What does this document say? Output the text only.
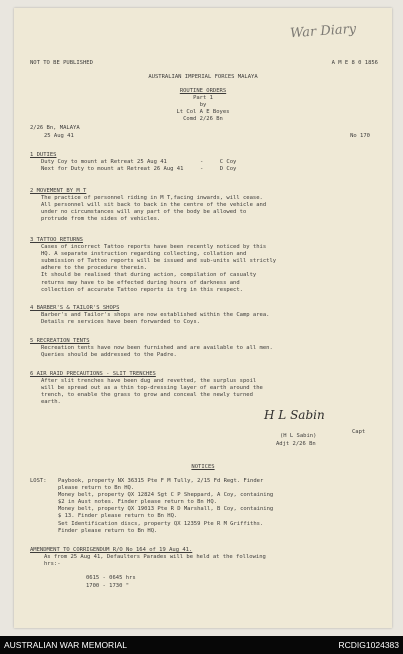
War Diary
NOT TO BE PUBLISHED	A M E 8 0 1856
AUSTRALIAN IMPERIAL FORCES MALAYA
ROUTINE ORDERS
Part 1
by
Lt Col A E Boyes
Comd 2/26 Bn
2/26 Bn, MALAYA
25 Aug 41	No 170
1 DUTIES
Duty Coy to mount at Retreat 25 Aug 41          -     C Coy
Next for Duty to mount at Retreat 26 Aug 41     -     D Coy
2 MOVEMENT BY M T
The practice of personnel riding in M T,facing inwards, will cease.
All personnel will sit back to back in the centre of the vehicle and
under no circumstances will any part of the body be allowed to
protrude from the sides of vehicles.
3 TATTOO RETURNS
Cases of incorrect Tattoo reports have been recently noticed by this
HQ. A separate instruction regarding collecting, collation and
submission of Tattoo reports will be issued and sub-units will strictly
adhere to the procedure therein.
It should be realised that during action, compilation of casualty
returns may have to be effected during hours of darkness and
collection of accurate Tattoo reports is trg in this respect.
4 BARBER'S & TAILOR'S SHOPS
Barber's and Tailor's shops are now established within the Camp area.
Details re services have been forwarded to Coys.
5 RECREATION TENTS
Recreation tents have now been furnished and are available to all men.
Queries should be addressed to the Padre.
6 AIR RAID PRECAUTIONS - SLIT TRENCHES
After slit trenches have been dug and revetted, the surplus spoil
will be spread out as a thin top-dressing layer of earth around the
trench, to enable the grass to grow and conceal the newly turned
earth.
H L Sabin
(H L Sabin)
Capt
Adjt 2/26 Bn
NOTICES
LOST:	Paybook, property NX 36315 Pte F M Tully, 2/15 Fd Regt. Finder
please return to Bn HQ.
Money belt, property QX 12824 Sgt C P Sheppard, A Coy, containing
$2 in Aust notes. Finder please return to Bn HQ.
Money belt, property QX 19013 Pte R D Marshall, B Coy, containing
$ 13. Finder please return to Bn HQ.
Set Identification discs, property QX 12359 Pte R M Griffiths.
Finder please return to Bn HQ.
AMENDMENT TO CORRIGENDUM R/O No 164 of 19 Aug 41.
As from 25 Aug 41, Defaulters Parades will be held at the following
hrs:-
0615 - 0645 hrs
1700 - 1730 "
AUSTRALIAN WAR MEMORIAL	RCDIG1024383
